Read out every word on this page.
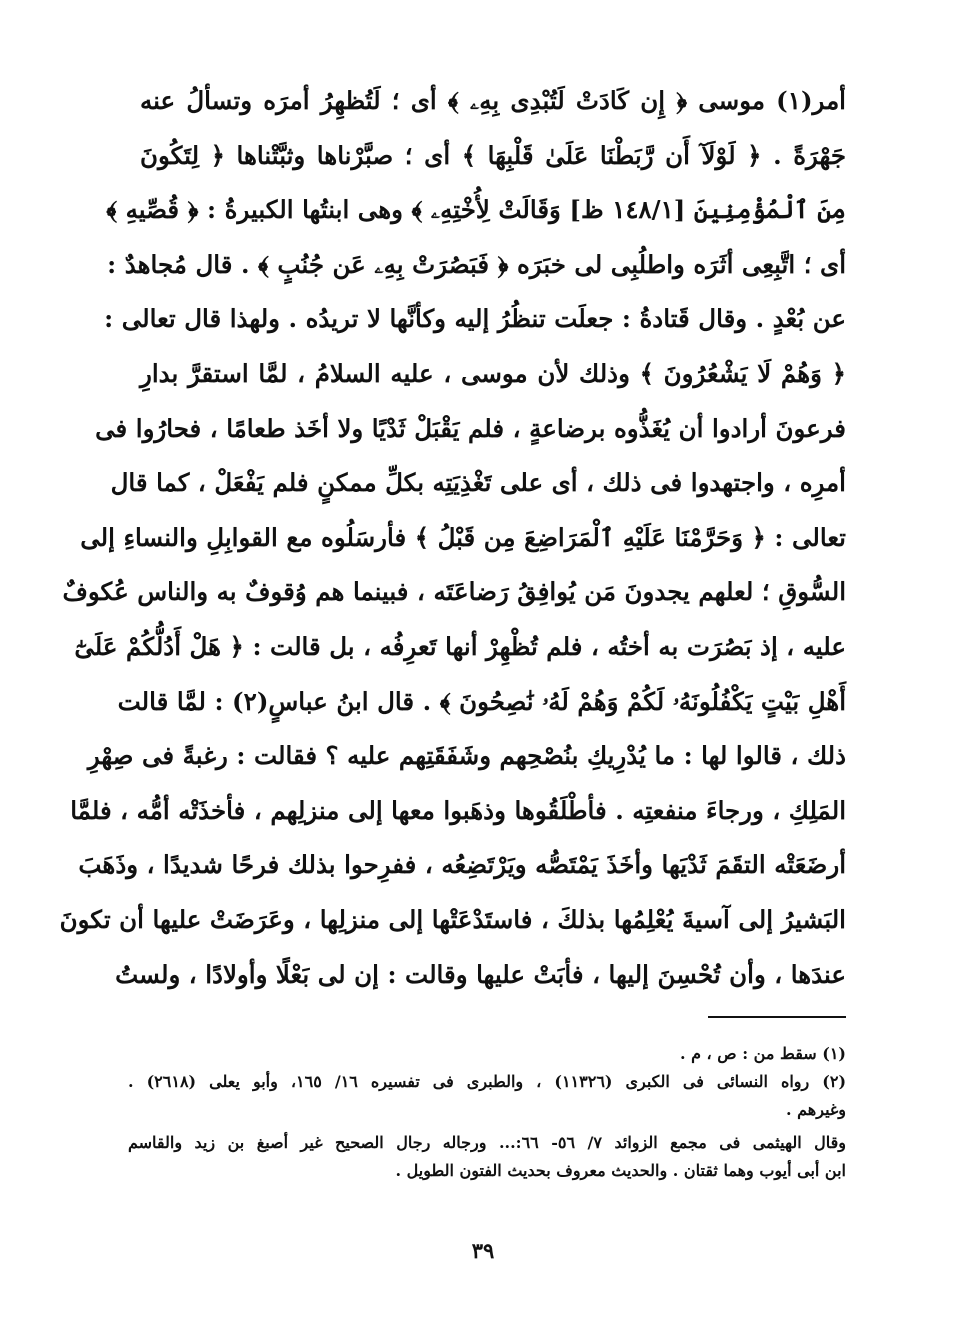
أمر(١) موسى ﴿ إِن كَادَتْ لَتُبْدِى بِهِۦ ﴾ أى ؛ لَتُظهِرُ أمرَه وتسألُ عنه
جَهْرَةً . ﴿ لَوْلَآ أَن رَّبَطْنَا عَلَىٰ قَلْبِهَا ﴾ أى ؛ صبَّرْناها وثبَّتْناها ﴿ لِتَكُونَ
مِنَ ٱلْمُؤْمِنِينَ [١٤٨/١ ظ] وَقَالَتْ لِأُخْتِهِۦ ﴾ وهى ابنتُها الكبيرةُ : ﴿ قُصِّيهِ ﴾
أى ؛ اتَّبِعِى أثَرَه واطلُبِى لى خبَرَه ﴿ فَبَصُرَتْ بِهِۦ عَن جُنُبٍ ﴾ . قال مُجاهدٌ :
عن بُعْدٍ . وقال قَتادةُ : جعلَت تنظُرُ إليه وكأنَّها لا تريدُه . ولهذا قال تعالى :
﴿ وَهُمْ لَا يَشْعُرُونَ ﴾ وذلك لأن موسى ، عليه السلامُ ، لمَّا استقرَّ بدارِ
فرعونَ أرادوا أن يُغَذُّوه برضاعةٍ ، فلم يَقْبَلْ ثَدْيًا ولا أخَذ طعامًا ، فحارُوا فى
أمرِه ، واجتهدوا فى ذلك ، أى على تَغْذِيَتِه بكلِّ ممكنٍ فلم يَفْعَلْ ، كما قال
تعالى : ﴿ وَحَرَّمْنَا عَلَيْهِ ٱلْمَرَاضِعَ مِن قَبْلُ ﴾ فأرسَلُوه مع القوابِلِ والنساءِ إلى
السُّوقِ ؛ لعلهم يجدونَ مَن يُوافِقُ رَضاعَتَه ، فبينما هم وُقوفٌ به والناس عُكوفٌ
عليه ، إذ بَصُرَت به أختُه ، فلم تُظْهِرْ أنها تَعرِفُه ، بل قالت : ﴿ هَلْ أَدُلُّكُمْ عَلَىٰٓ
أَهْلِ بَيْتٍ يَكْفُلُونَهُۥ لَكُمْ وَهُمْ لَهُۥ نَٰصِحُونَ ﴾ . قال ابنُ عباسٍ(٢) : لمَّا قالت
ذلك ، قالوا لها : ما يُدْرِيكِ بنُصْحِهم وشَفَقَتِهم عليه ؟ فقالت : رغبةً فى صِهْرِ
المَلِكِ ، ورجاءَ منفعتِه . فأطْلَقُوها وذهَبوا معها إلى منزلِهم ، فأخذَتْه أمُّه ، فلمَّا
أرضَعَتْه التقَمَ ثَدْيَها وأخَذَ يَمْتَصُّه ويَرْتَضِعُه ، ففرِحوا بذلك فرحًا شديدًا ، وذَهَبَ
البَشيرُ إلى آسيةَ يُعْلِمُها بذلكَ ، فاستَدْعَتْها إلى منزلِها ، وعَرَضَتْ عليها أن تكونَ
عندَها ، وأن تُحْسِنَ إليها ، فأبَتْ عليها وقالت : إن لى بَعْلًا وأولادًا ، ولستُ
(١) سقط من : ص ، م .
(٢) رواه النسائى فى الكبرى (١١٣٢٦) ، والطبرى فى تفسيره ١٦/ ١٦٥، وأبو يعلى (٢٦١٨) .
وغيرهم .
وقال الهيثمى فى مجمع الزوائد ٧/ ٥٦- ٦٦:... ورجاله رجال الصحيح غير أصبغ بن زيد والقاسم
ابن أبى أيوب وهما ثقتان . والحديث معروف بحديث الفتون الطويل .
٣٩
